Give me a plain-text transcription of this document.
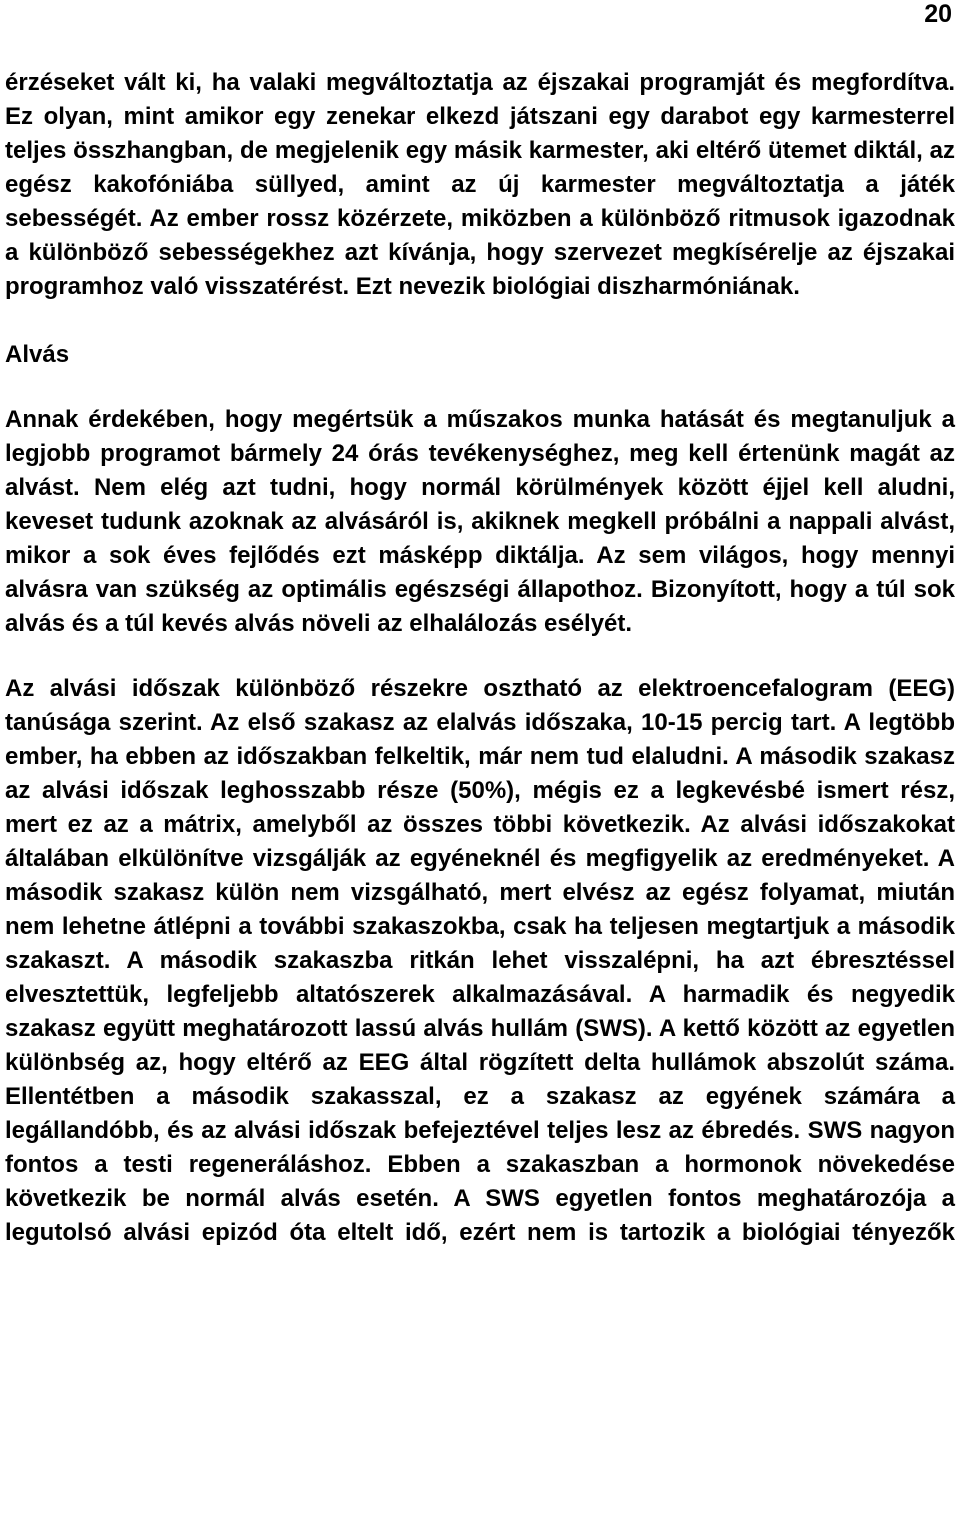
20

érzéseket vált ki, ha valaki megváltoztatja az éjszakai programját és megfordítva. Ez olyan, mint amikor egy zenekar elkezd játszani egy darabot egy karmesterrel teljes összhangban, de megjelenik egy másik karmester, aki eltérő ütemet diktál, az egész kakofóniába süllyed, amint az új karmester megváltoztatja a játék sebességét. Az ember rossz közérzete, miközben a különböző ritmusok igazodnak a különböző sebességekhez azt kívánja, hogy szervezet megkísérelje az éjszakai programhoz való visszatérést. Ezt nevezik biológiai diszharmóniának.

Alvás

Annak érdekében, hogy megértsük a műszakos munka hatását és megtanuljuk a legjobb programot bármely 24 órás tevékenységhez, meg kell értenünk magát az alvást. Nem elég azt tudni, hogy normál körülmények között éjjel kell aludni, keveset tudunk azoknak az alvásáról is, akiknek megkell próbálni a nappali alvást, mikor a sok éves fejlődés ezt másképp diktálja. Az sem világos, hogy mennyi alvásra van szükség az optimális egészségi állapothoz. Bizonyított, hogy a túl sok alvás és a túl kevés alvás növeli az elhalálozás esélyét.

Az alvási időszak különböző részekre osztható az elektroencefalogram (EEG) tanúsága szerint. Az első szakasz az elalvás időszaka, 10-15 percig tart. A legtöbb ember, ha ebben az időszakban felkeltik, már nem tud elaludni. A második szakasz az alvási időszak leghosszabb része (50%), mégis ez a legkevésbé ismert rész, mert ez az a mátrix, amelyből az összes többi következik. Az alvási időszakokat általában elkülönítve vizsgálják az egyéneknél és megfigyelik az eredményeket. A második szakasz külön nem vizsgálható, mert elvész az egész folyamat, miután nem lehetne átlépni a további szakaszokba, csak ha teljesen megtartjuk a második szakaszt. A második szakaszba ritkán lehet visszalépni, ha azt ébresztéssel elvesztettük, legfeljebb altatószerek alkalmazásával. A harmadik és negyedik szakasz együtt meghatározott lassú alvás hullám (SWS). A kettő között az egyetlen különbség az, hogy eltérő az EEG által rögzített delta hullámok abszolút száma. Ellentétben a második szakasszal, ez a szakasz az egyének számára a legállandóbb, és az alvási időszak befejeztével teljes lesz az ébredés. SWS nagyon fontos a testi regeneráláshoz. Ebben a szakaszban a hormonok növekedése következik be normál alvás esetén. A SWS egyetlen fontos meghatározója a legutolsó alvási epizód óta eltelt idő, ezért nem is tartozik a biológiai tényezők
